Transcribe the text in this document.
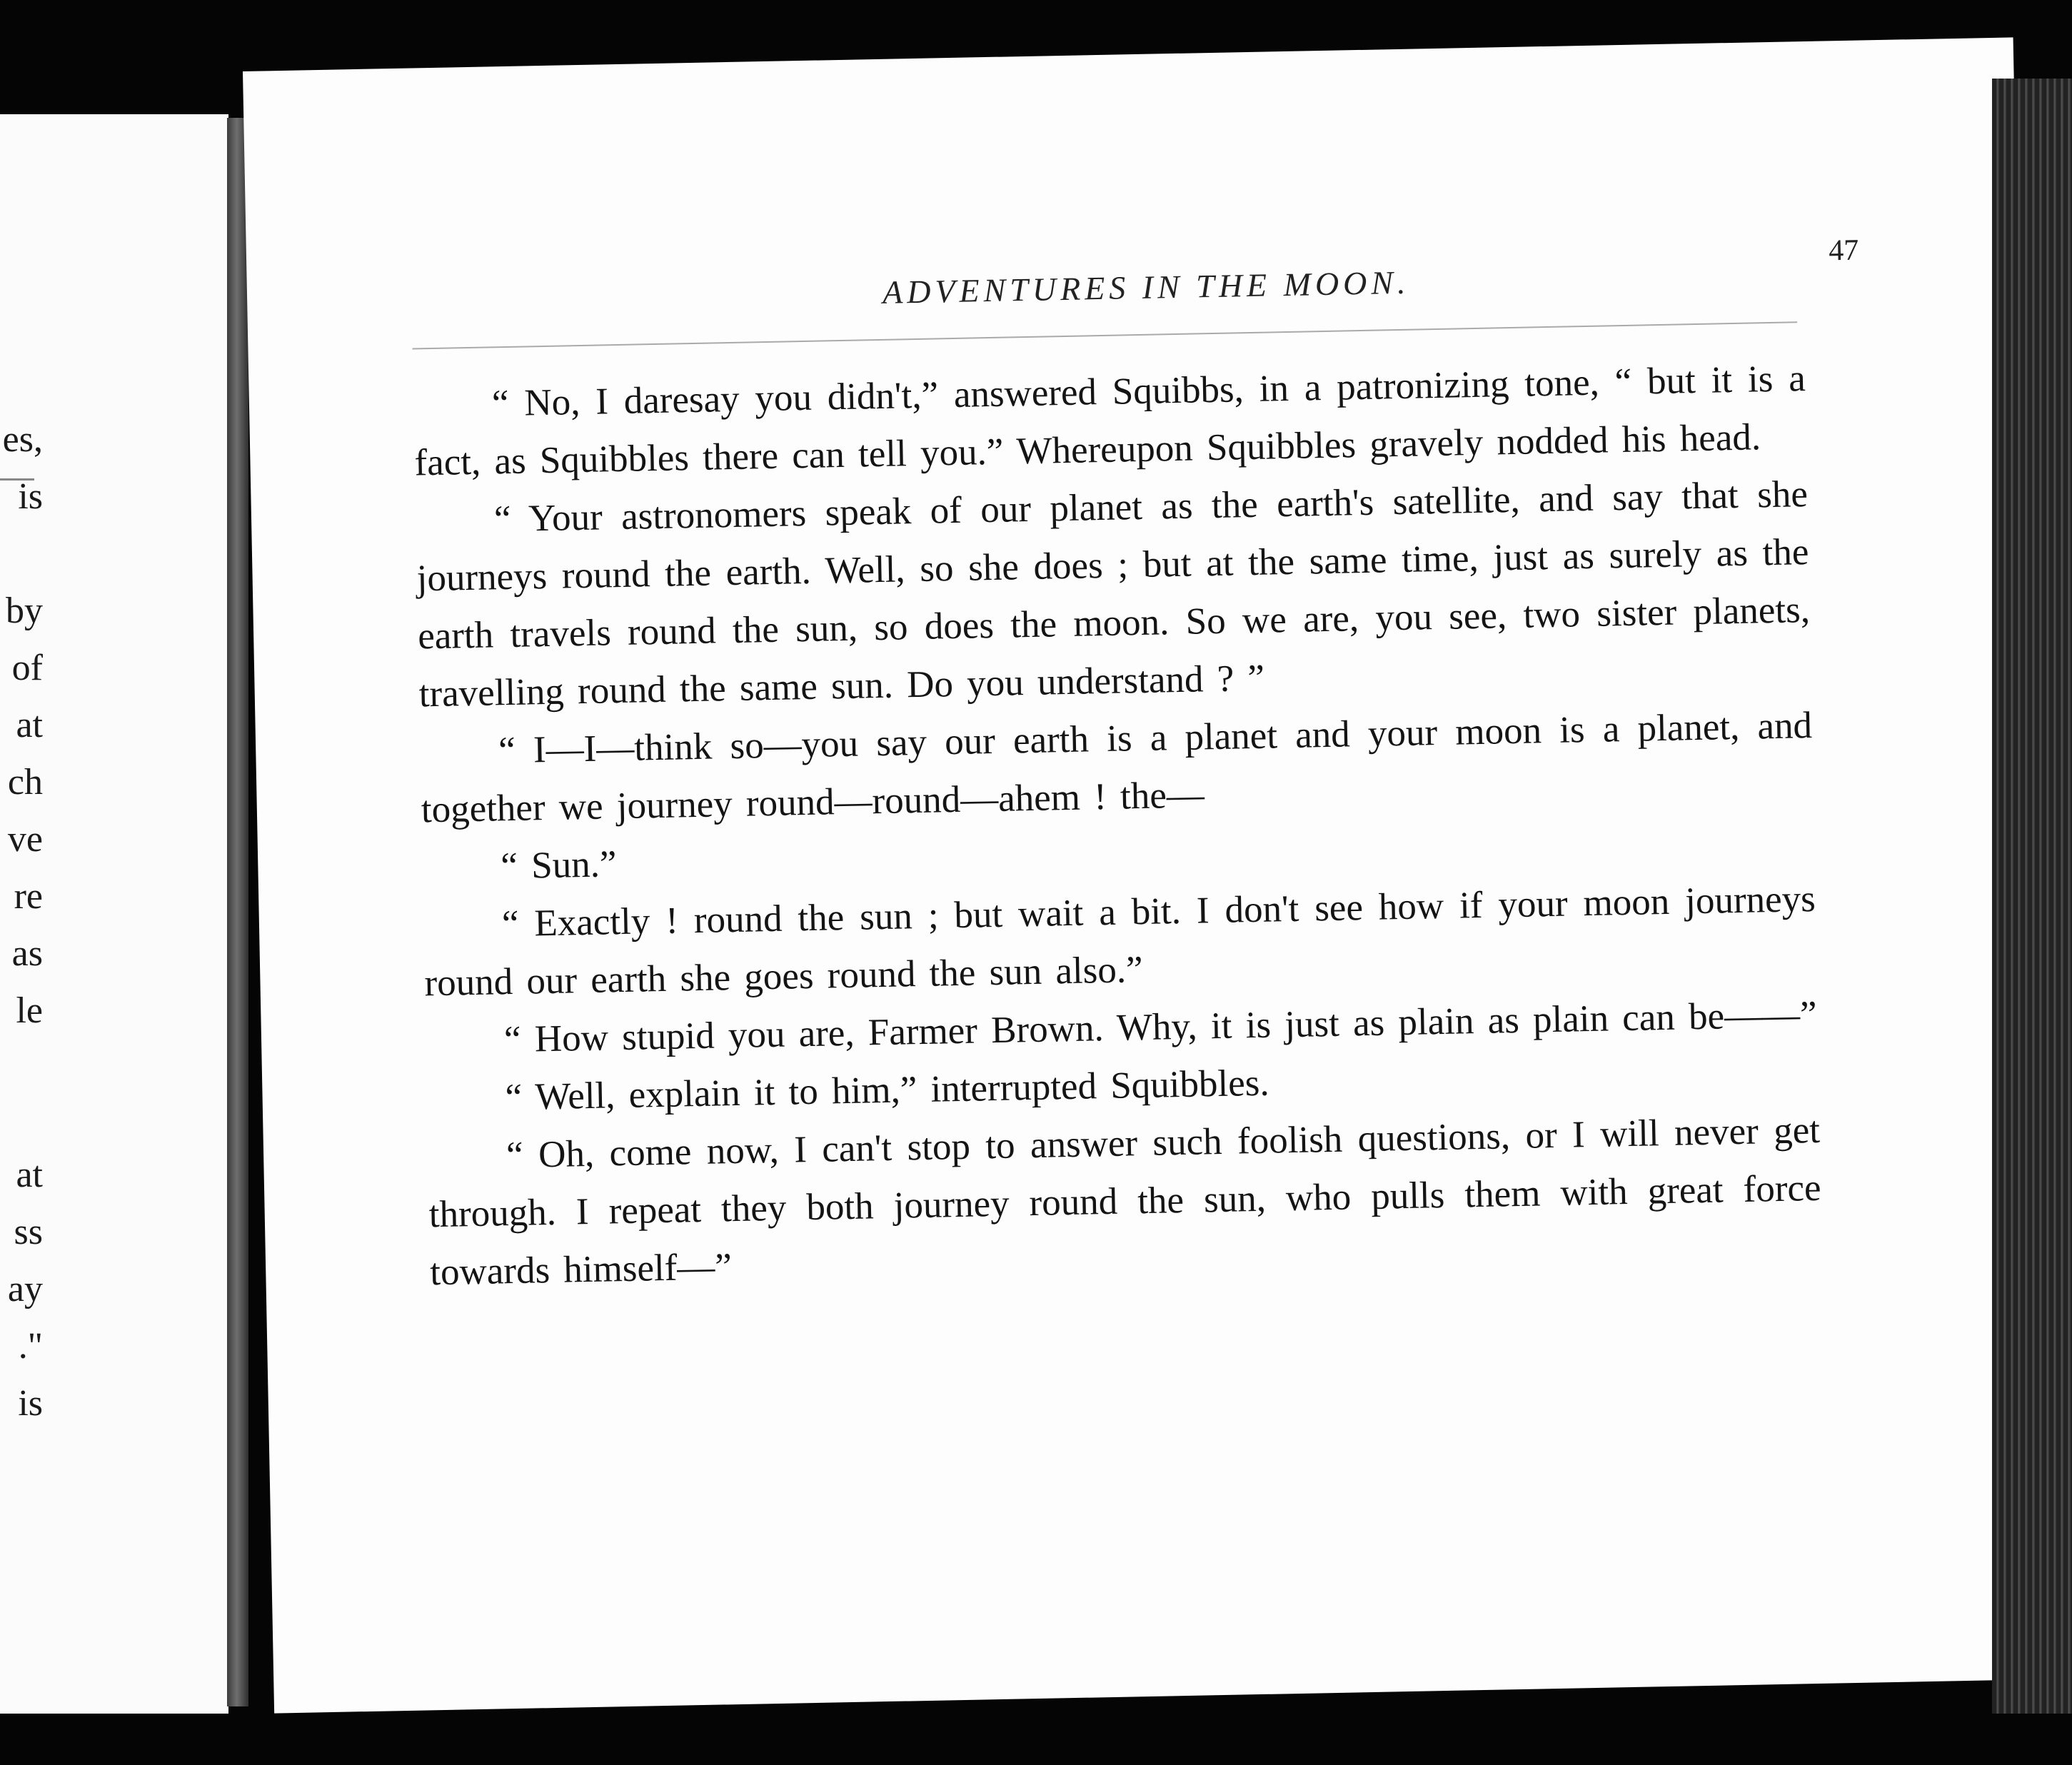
es,
is
by
of
at
ch
ve
re
as
le
at
ss
ay
."
is
ADVENTURES IN THE MOON.
47

“ No, I daresay you didn't,” answered Squibbs, in a patronizing tone, “ but it is a fact, as Squibbles there can tell you.” Whereupon Squibbles gravely nodded his head.

“ Your astronomers speak of our planet as the earth's satellite, and say that she journeys round the earth. Well, so she does ; but at the same time, just as surely as the earth travels round the sun, so does the moon. So we are, you see, two sister planets, travelling round the same sun. Do you understand ? ”

“ I—I—think so—you say our earth is a planet and your moon is a planet, and together we journey round—round—ahem ! the—

“ Sun.”

“ Exactly ! round the sun ; but wait a bit. I don't see how if your moon journeys round our earth she goes round the sun also.”

“ How stupid you are, Farmer Brown. Why, it is just as plain as plain can be——”

“ Well, explain it to him,” interrupted Squibbles.

“ Oh, come now, I can't stop to answer such foolish questions, or I will never get through. I repeat they both journey round the sun, who pulls them with great force towards himself—”
